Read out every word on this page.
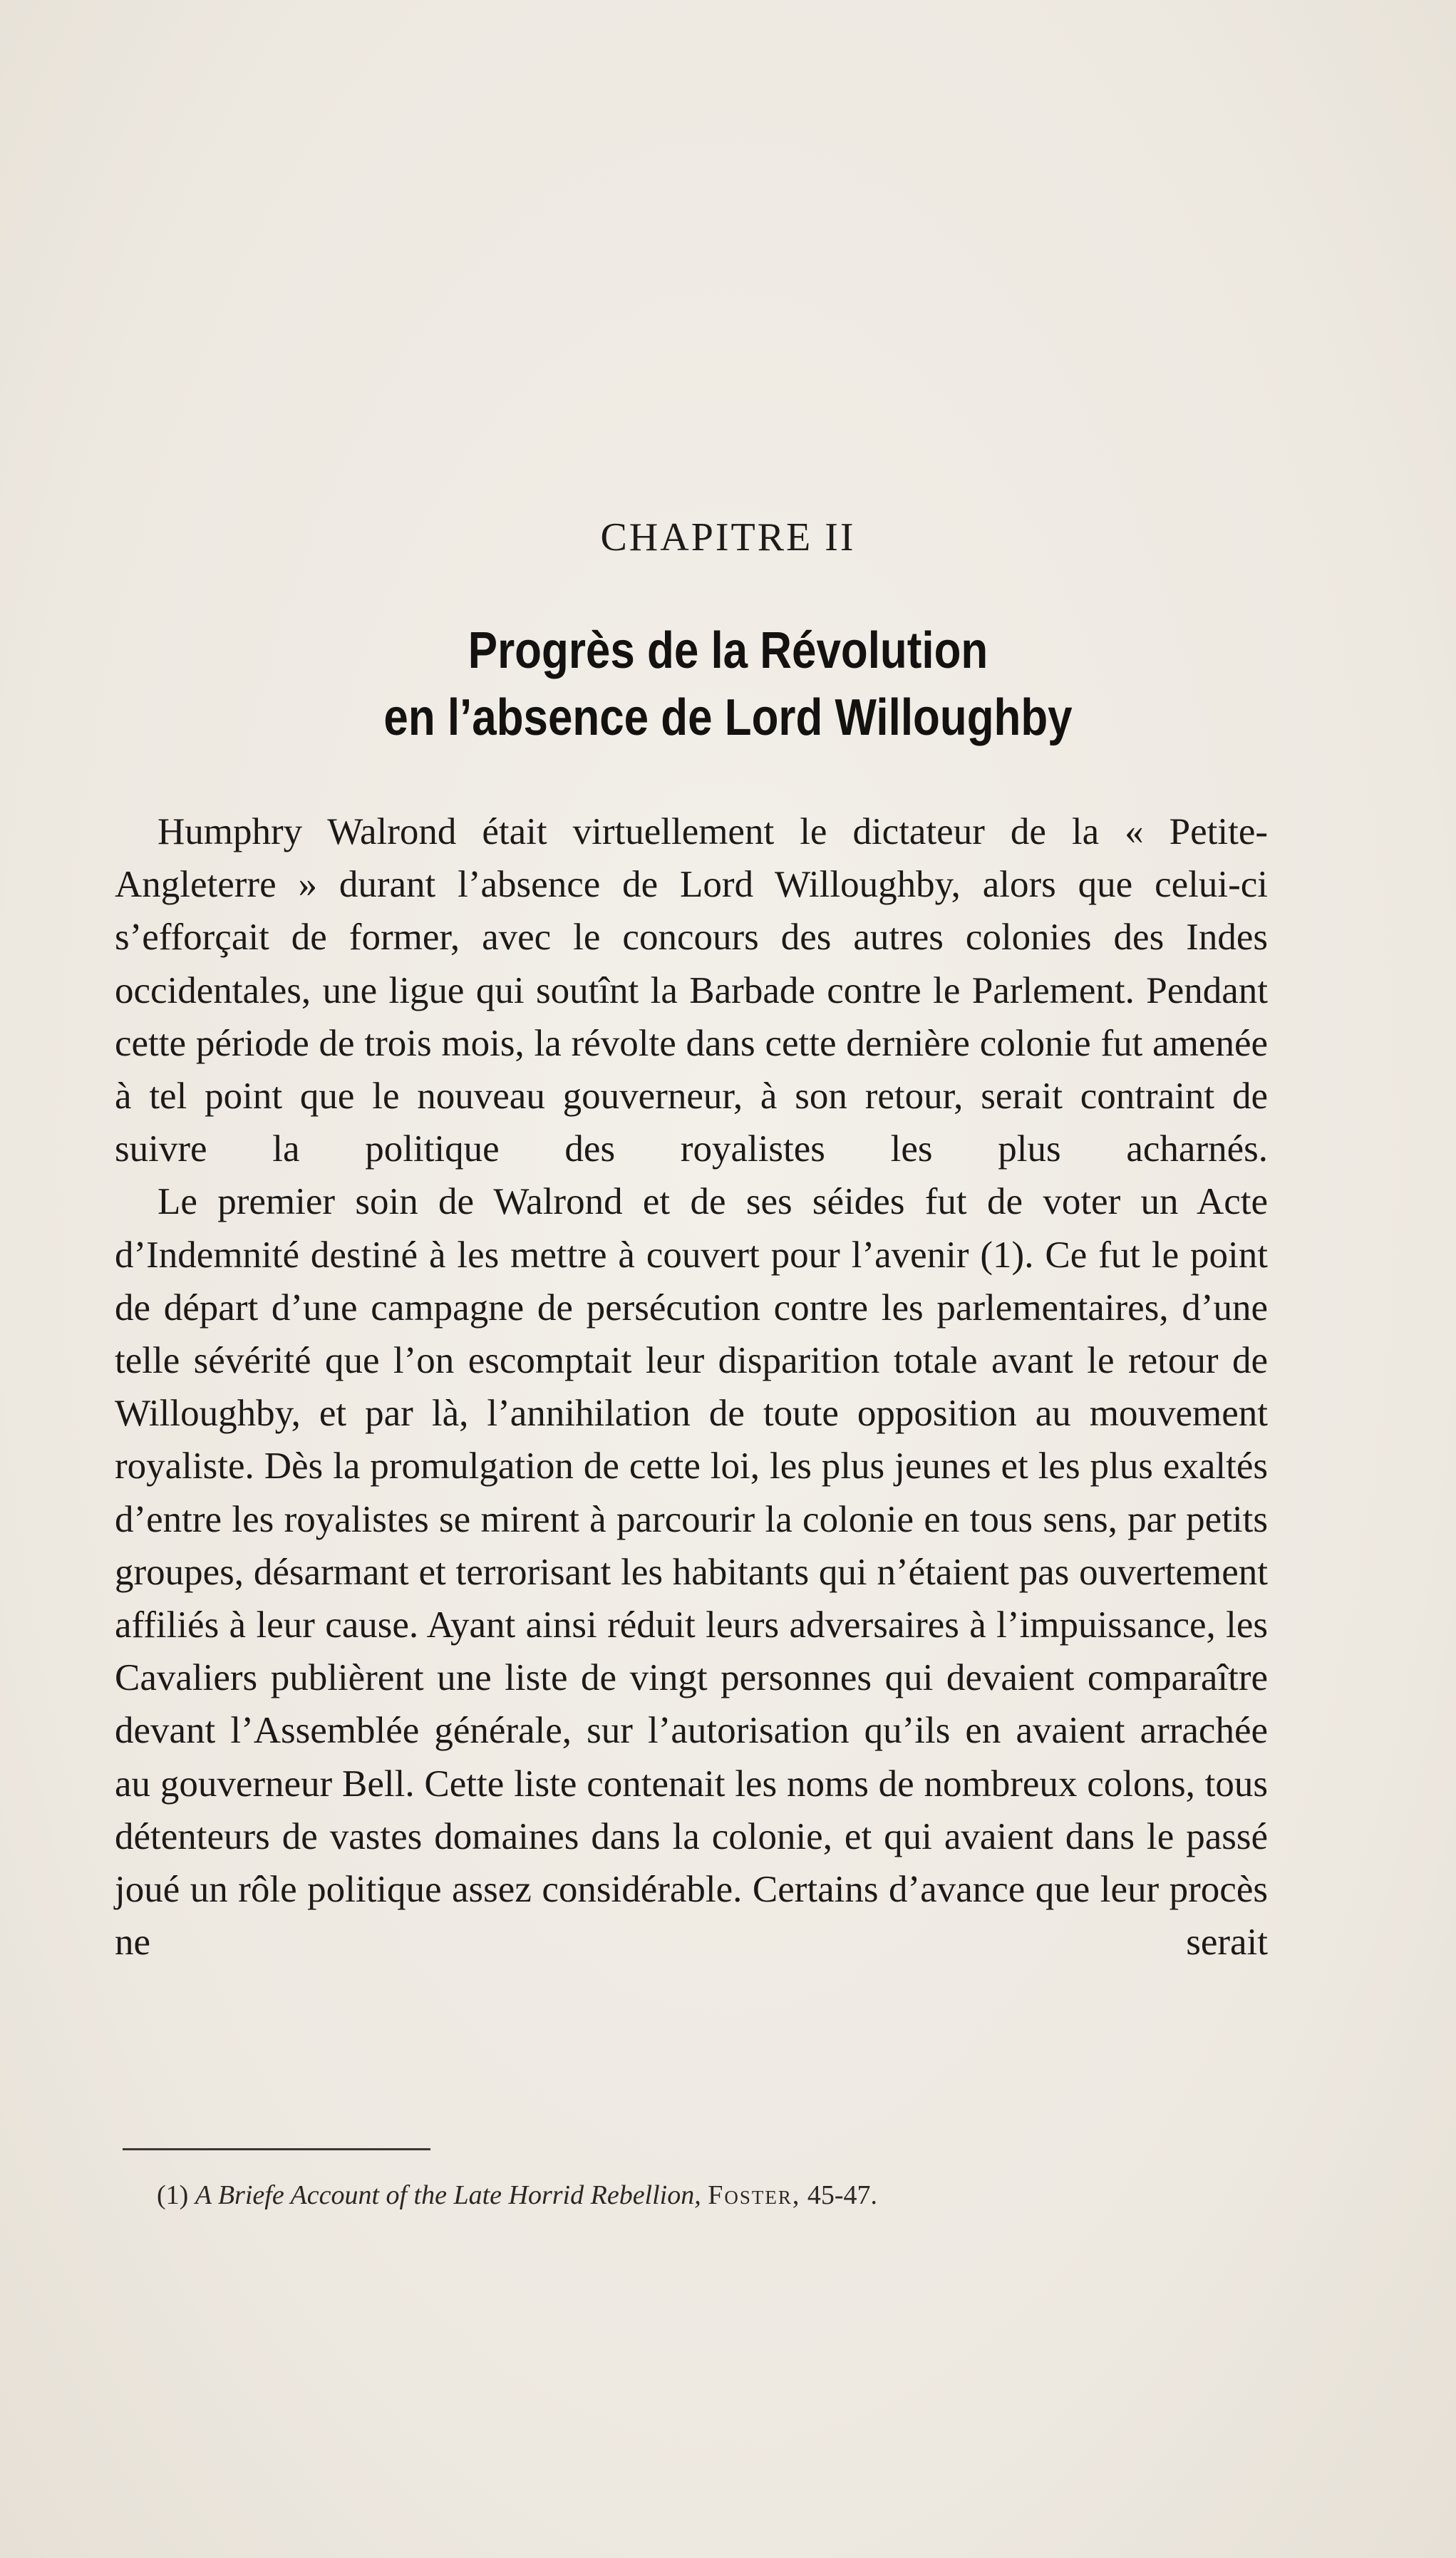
CHAPITRE II
Progrès de la Révolution
en l’absence de Lord Willoughby

Humphry Walrond était virtuellement le dictateur de la « Petite-Angleterre » durant l’absence de Lord Willoughby, alors que celui-ci s’efforçait de former, avec le concours des autres colonies des Indes occidentales, une ligue qui soutînt la Barbade contre le Parlement. Pendant cette période de trois mois, la révolte dans cette dernière colonie fut amenée à tel point que le nouveau gouverneur, à son retour, serait contraint de suivre la politique des royalistes les plus acharnés.

Le premier soin de Walrond et de ses séides fut de voter un Acte d’Indemnité destiné à les mettre à couvert pour l’avenir (1). Ce fut le point de départ d’une campagne de persécution contre les parlementaires, d’une telle sévérité que l’on escomptait leur disparition totale avant le retour de Willoughby, et par là, l’annihilation de toute opposition au mouvement royaliste. Dès la promulgation de cette loi, les plus jeunes et les plus exaltés d’entre les royalistes se mirent à parcourir la colonie en tous sens, par petits groupes, désarmant et terrorisant les habitants qui n’étaient pas ouvertement affiliés à leur cause. Ayant ainsi réduit leurs adversaires à l’impuissance, les Cavaliers publièrent une liste de vingt personnes qui devaient comparaître devant l’Assemblée générale, sur l’autorisation qu’ils en avaient arrachée au gouverneur Bell. Cette liste contenait les noms de nombreux colons, tous détenteurs de vastes domaines dans la colonie, et qui avaient dans le passé joué un rôle politique assez considérable. Certains d’avance que leur procès ne serait

(1) A Briefe Account of the Late Horrid Rebellion, Foster, 45-47.
